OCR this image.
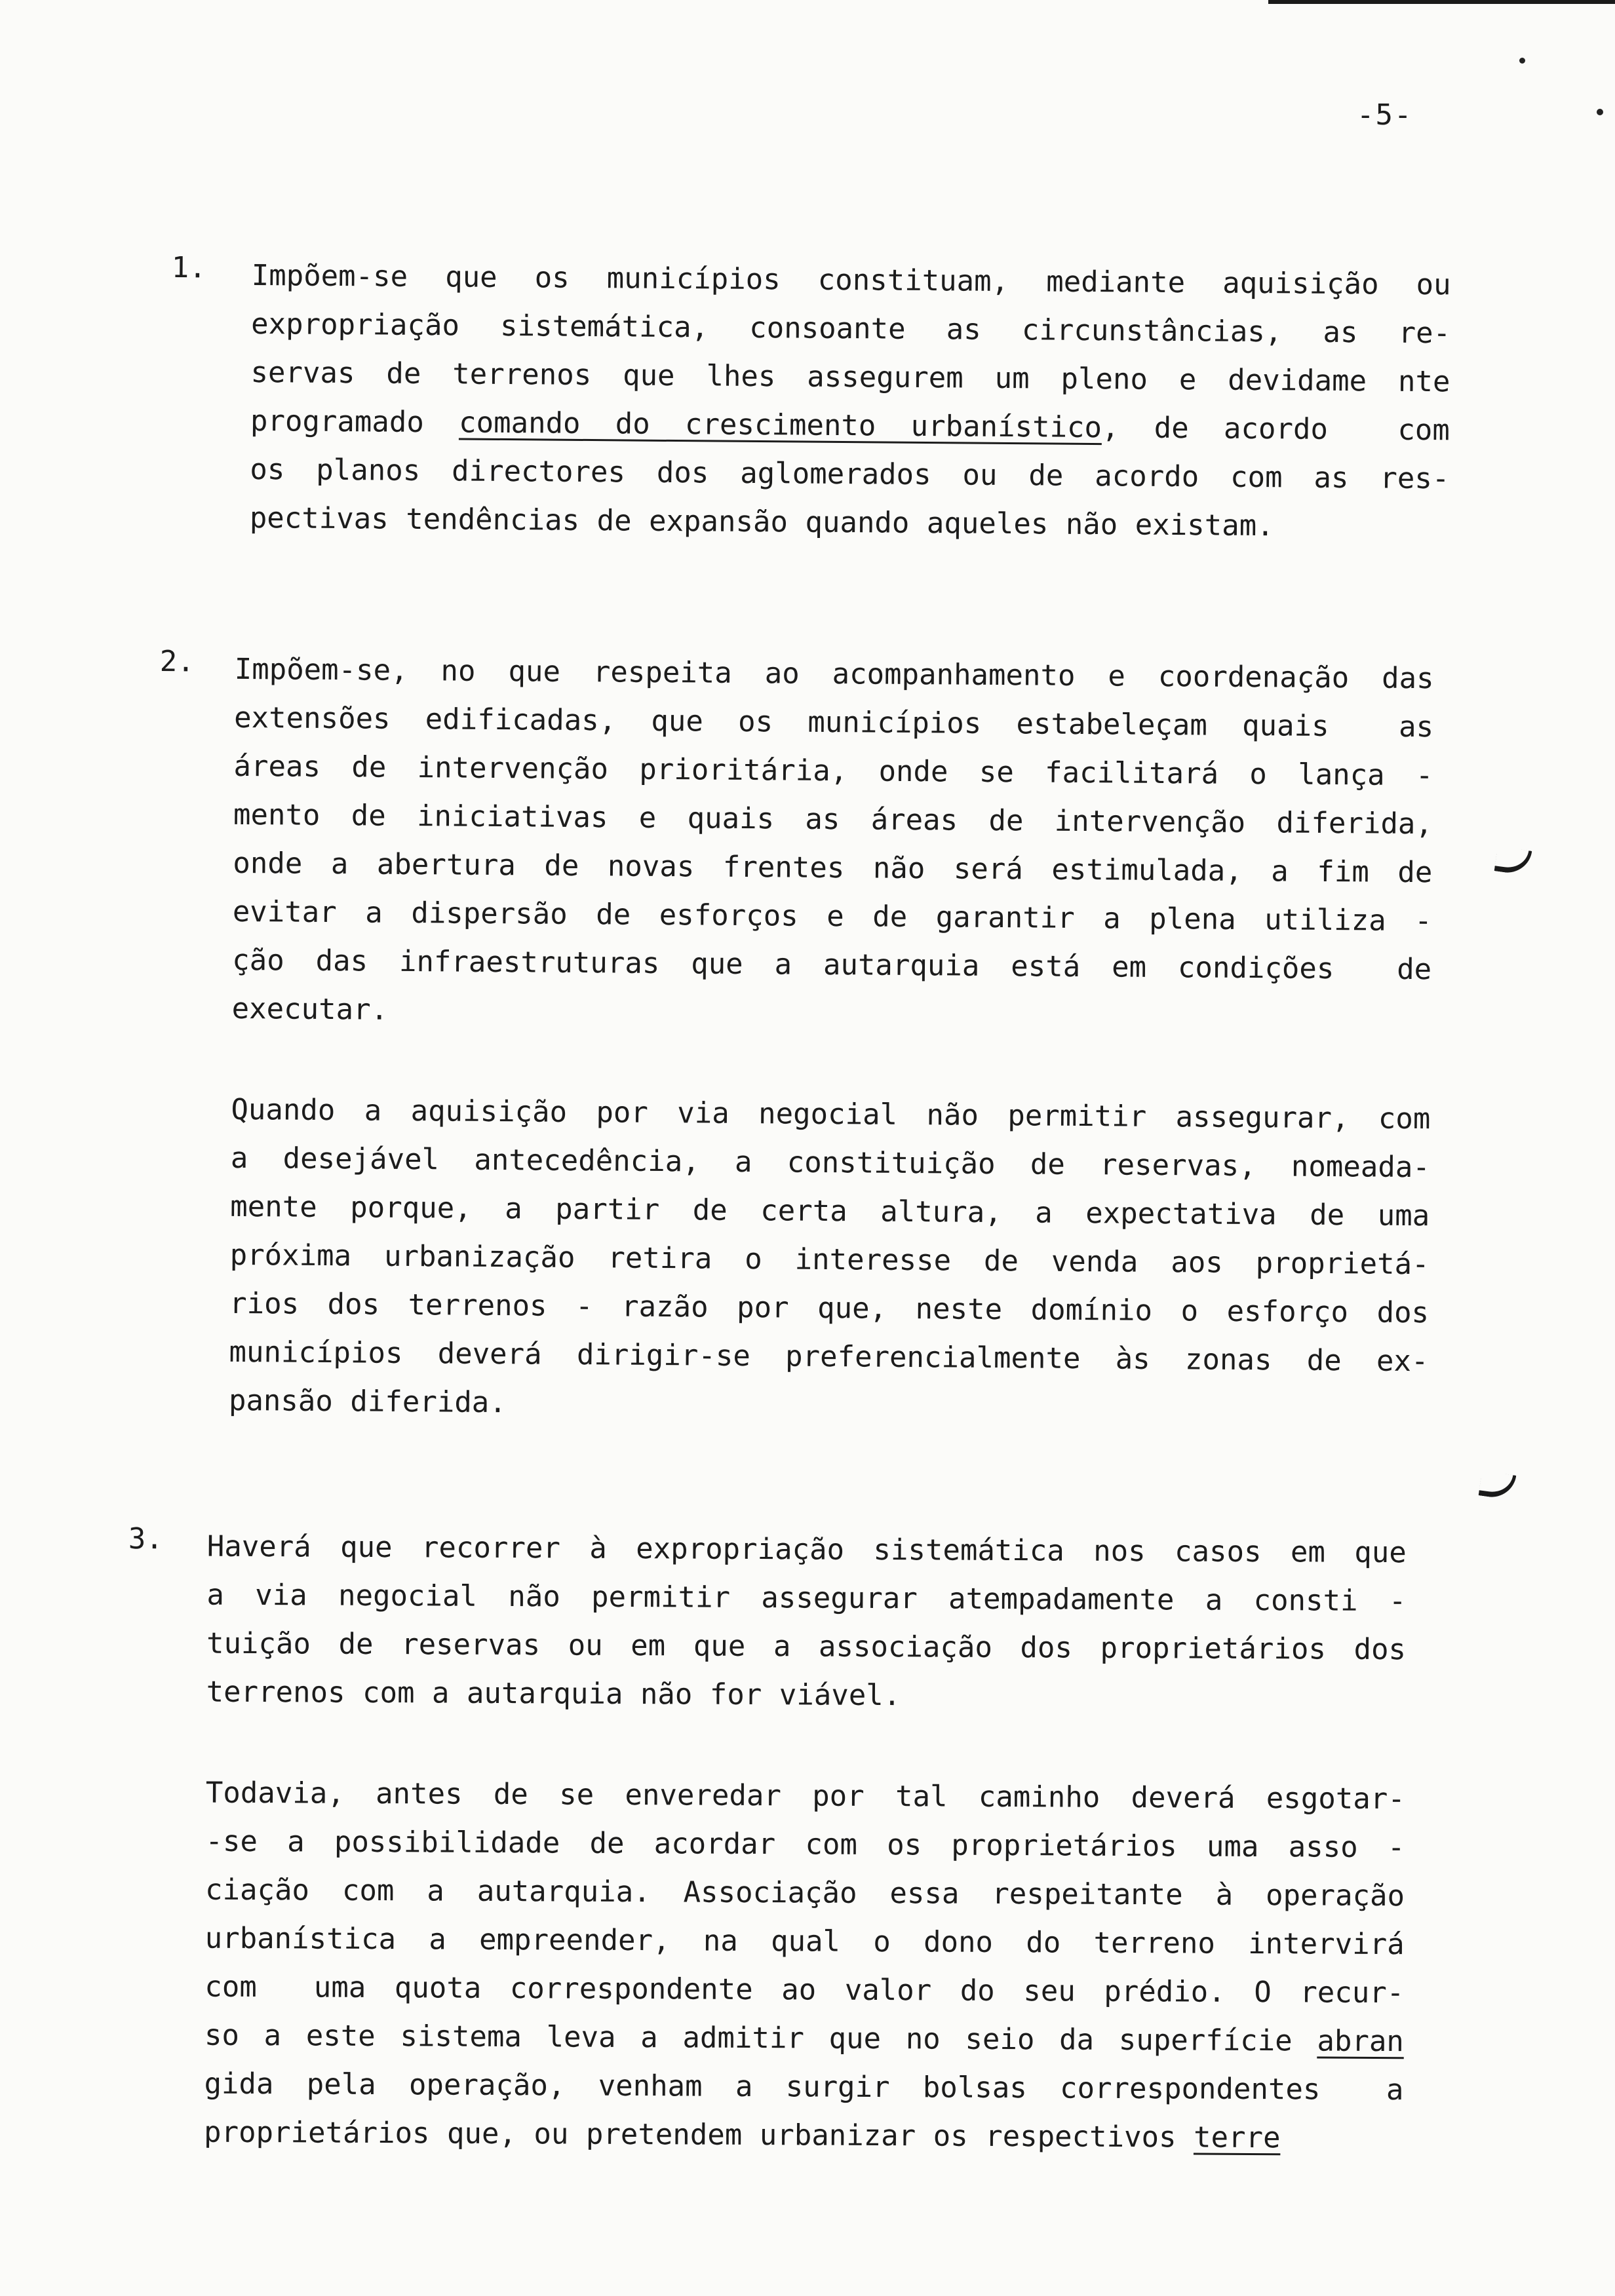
-5-
1. Impõem-se que os municípios constituam, mediante aquisição ou
expropriação sistemática, consoante as circunstâncias, as re-
servas de terrenos que lhes assegurem um pleno e devidame nte
programado comando do crescimento urbanístico, de acordo  com
os planos directores dos aglomerados ou de acordo com as res-
pectivas tendências de expansão quando aqueles não existam.
2. Impõem-se, no que respeita ao acompanhamento e coordenação das
extensões edificadas, que os municípios estabeleçam quais  as
áreas de intervenção prioritária, onde se facilitará o lança -
mento de iniciativas e quais as áreas de intervenção diferida,
onde a abertura de novas frentes não será estimulada, a fim de
evitar a dispersão de esforços e de garantir a plena utiliza -
ção das infraestruturas que a autarquia está em condições  de
executar.
Quando a aquisição por via negocial não permitir assegurar, com
a desejável antecedência, a constituição de reservas, nomeada-
mente porque, a partir de certa altura, a expectativa de uma
próxima urbanização retira o interesse de venda aos proprietá-
rios dos terrenos - razão por que, neste domínio o esforço dos
municípios deverá dirigir-se preferencialmente às zonas de ex-
pansão diferida.
3. Haverá que recorrer à expropriação sistemática nos casos em que
a via negocial não permitir assegurar atempadamente a consti -
tuição de reservas ou em que a associação dos proprietários dos
terrenos com a autarquia não for viável.
Todavia, antes de se enveredar por tal caminho deverá esgotar-
-se a possibilidade de acordar com os proprietários uma asso -
ciação com a autarquia. Associação essa respeitante à operação
urbanística a empreender, na qual o dono do terreno intervirá
com  uma quota correspondente ao valor do seu prédio. O recur-
so a este sistema leva a admitir que no seio da superfície abran
gida pela operação, venham a surgir bolsas correspondentes  a
proprietários que, ou pretendem urbanizar os respectivos terre
